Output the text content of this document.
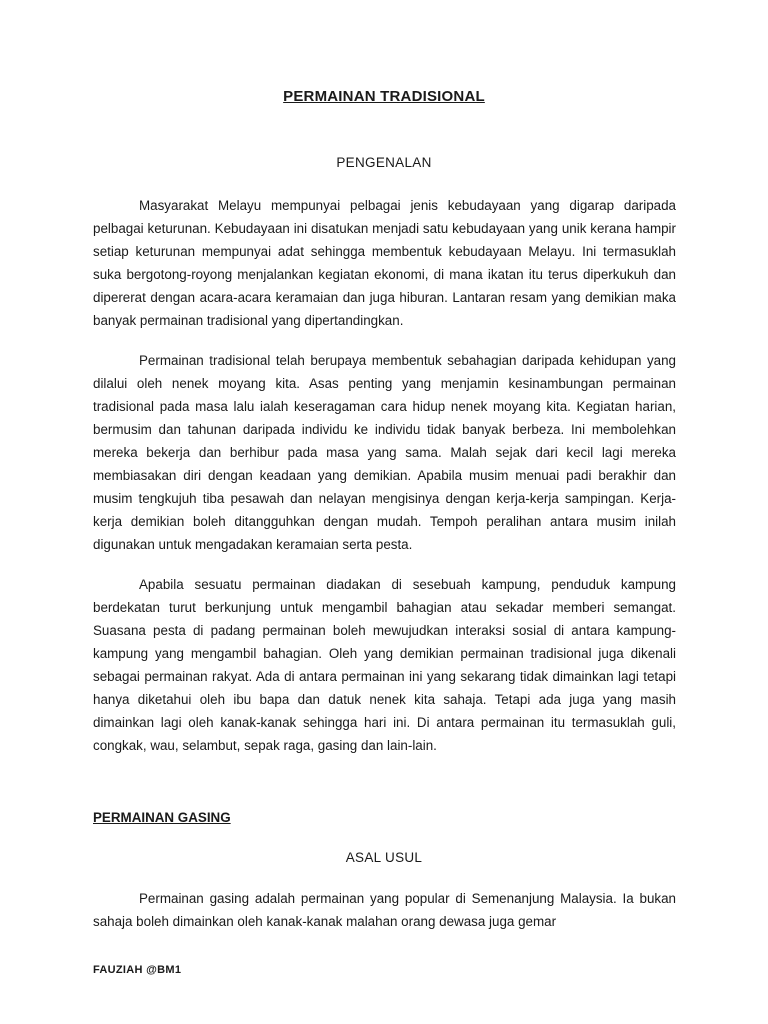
PERMAINAN TRADISIONAL
PENGENALAN

Masyarakat Melayu mempunyai pelbagai jenis kebudayaan yang digarap daripada pelbagai keturunan. Kebudayaan ini disatukan menjadi satu kebudayaan yang unik kerana hampir setiap keturunan mempunyai adat sehingga membentuk kebudayaan Melayu. Ini termasuklah suka bergotong-royong menjalankan kegiatan ekonomi, di mana ikatan itu terus diperkukuh dan dipererat dengan acara-acara keramaian dan juga hiburan. Lantaran resam yang demikian maka banyak permainan tradisional yang dipertandingkan.

Permainan tradisional telah berupaya membentuk sebahagian daripada kehidupan yang dilalui oleh nenek moyang kita. Asas penting yang menjamin kesinambungan permainan tradisional pada masa lalu ialah keseragaman cara hidup nenek moyang kita. Kegiatan harian, bermusim dan tahunan daripada individu ke individu tidak banyak berbeza. Ini membolehkan mereka bekerja dan berhibur pada masa yang sama. Malah sejak dari kecil lagi mereka membiasakan diri dengan keadaan yang demikian. Apabila musim menuai padi berakhir dan musim tengkujuh tiba pesawah dan nelayan mengisinya dengan kerja-kerja sampingan. Kerja-kerja demikian boleh ditangguhkan dengan mudah. Tempoh peralihan antara musim inilah digunakan untuk mengadakan keramaian serta pesta.

Apabila sesuatu permainan diadakan di sesebuah kampung, penduduk kampung berdekatan turut berkunjung untuk mengambil bahagian atau sekadar memberi semangat. Suasana pesta di padang permainan boleh mewujudkan interaksi sosial di antara kampung-kampung yang mengambil bahagian. Oleh yang demikian permainan tradisional juga dikenali sebagai permainan rakyat. Ada di antara permainan ini yang sekarang tidak dimainkan lagi tetapi hanya diketahui oleh ibu bapa dan datuk nenek kita sahaja. Tetapi ada juga yang masih dimainkan lagi oleh kanak-kanak sehingga hari ini. Di antara permainan itu termasuklah guli, congkak, wau, selambut, sepak raga, gasing dan lain-lain.

PERMAINAN GASING
ASAL USUL

Permainan gasing adalah permainan yang popular di Semenanjung Malaysia. Ia bukan sahaja boleh dimainkan oleh kanak-kanak malahan orang dewasa juga gemar

FAUZIAH @BM1
